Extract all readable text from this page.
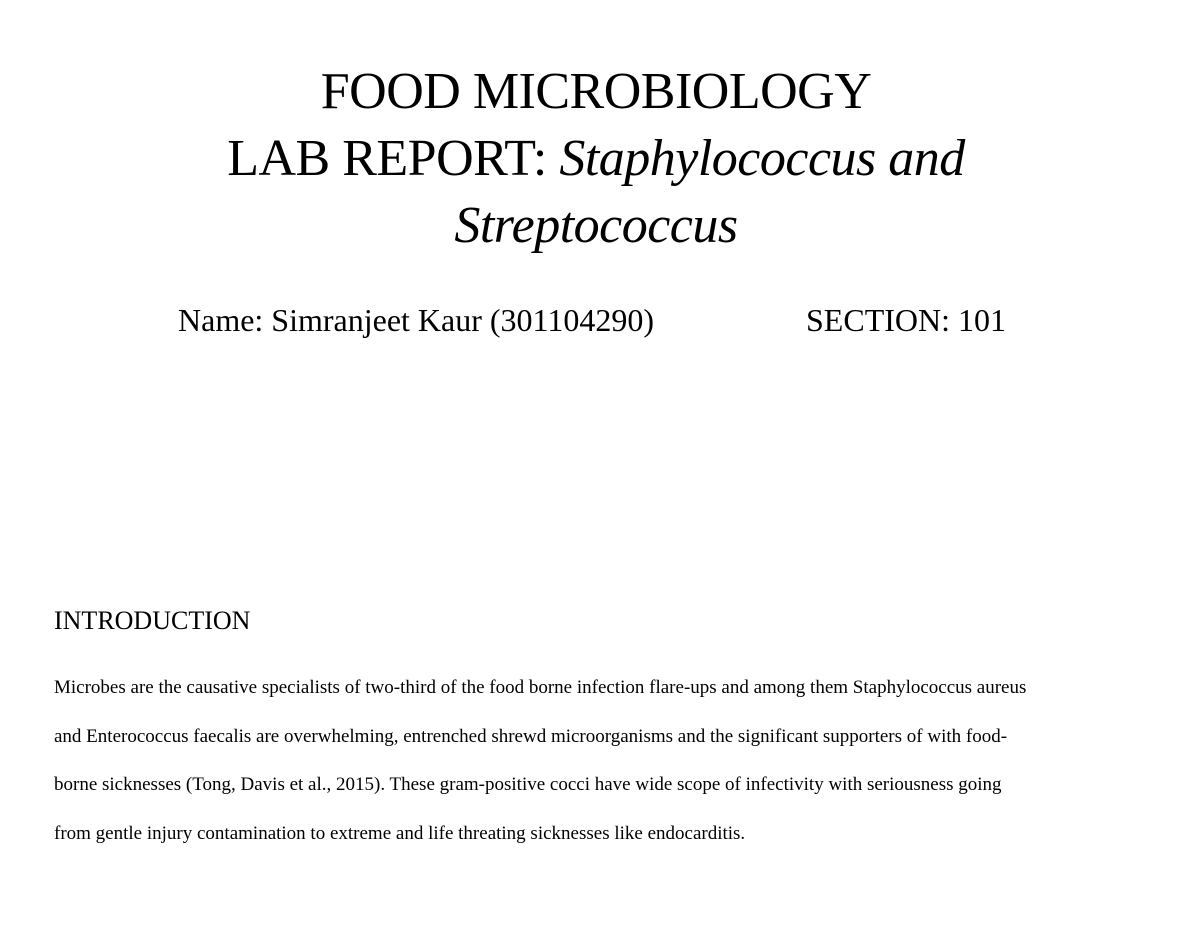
FOOD MICROBIOLOGY
LAB REPORT: Staphylococcus and
Streptococcus
Name: Simranjeet Kaur (301104290)	SECTION: 101
INTRODUCTION
Microbes are the causative specialists of two-third of the food borne infection flare-ups and among them Staphylococcus aureus
and Enterococcus faecalis are overwhelming, entrenched shrewd microorganisms and the significant supporters of with food-
borne sicknesses (Tong, Davis et al., 2015). These gram-positive cocci have wide scope of infectivity with seriousness going
from gentle injury contamination to extreme and life threating sicknesses like endocarditis.
